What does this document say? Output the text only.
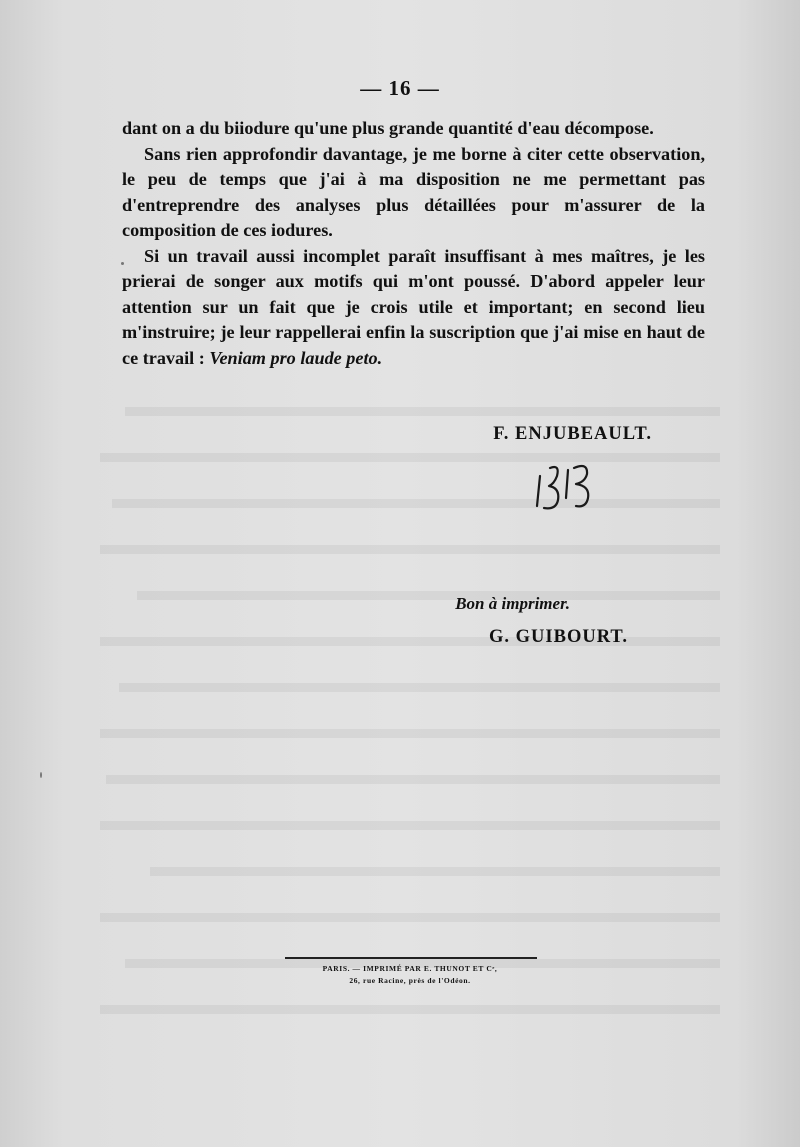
— 16 —

dant on a du biiodure qu'une plus grande quantité d'eau décompose.

Sans rien approfondir davantage, je me borne à citer cette observation, le peu de temps que j'ai à ma disposition ne me permettant pas d'entreprendre des analyses plus détaillées pour m'assurer de la composition de ces iodures.

Si un travail aussi incomplet paraît insuffisant à mes maîtres, je les prierai de songer aux motifs qui m'ont poussé. D'abord appeler leur attention sur un fait que je crois utile et important; en second lieu m'instruire; je leur rappellerai enfin la suscription que j'ai mise en haut de ce travail : Veniam pro laude peto.

F. ENJUBEAULT.
Bon à imprimer.
G. GUIBOURT.
PARIS. — IMPRIMÉ PAR E. THUNOT ET Cᵉ,
26, rue Racine, près de l'Odéon.
